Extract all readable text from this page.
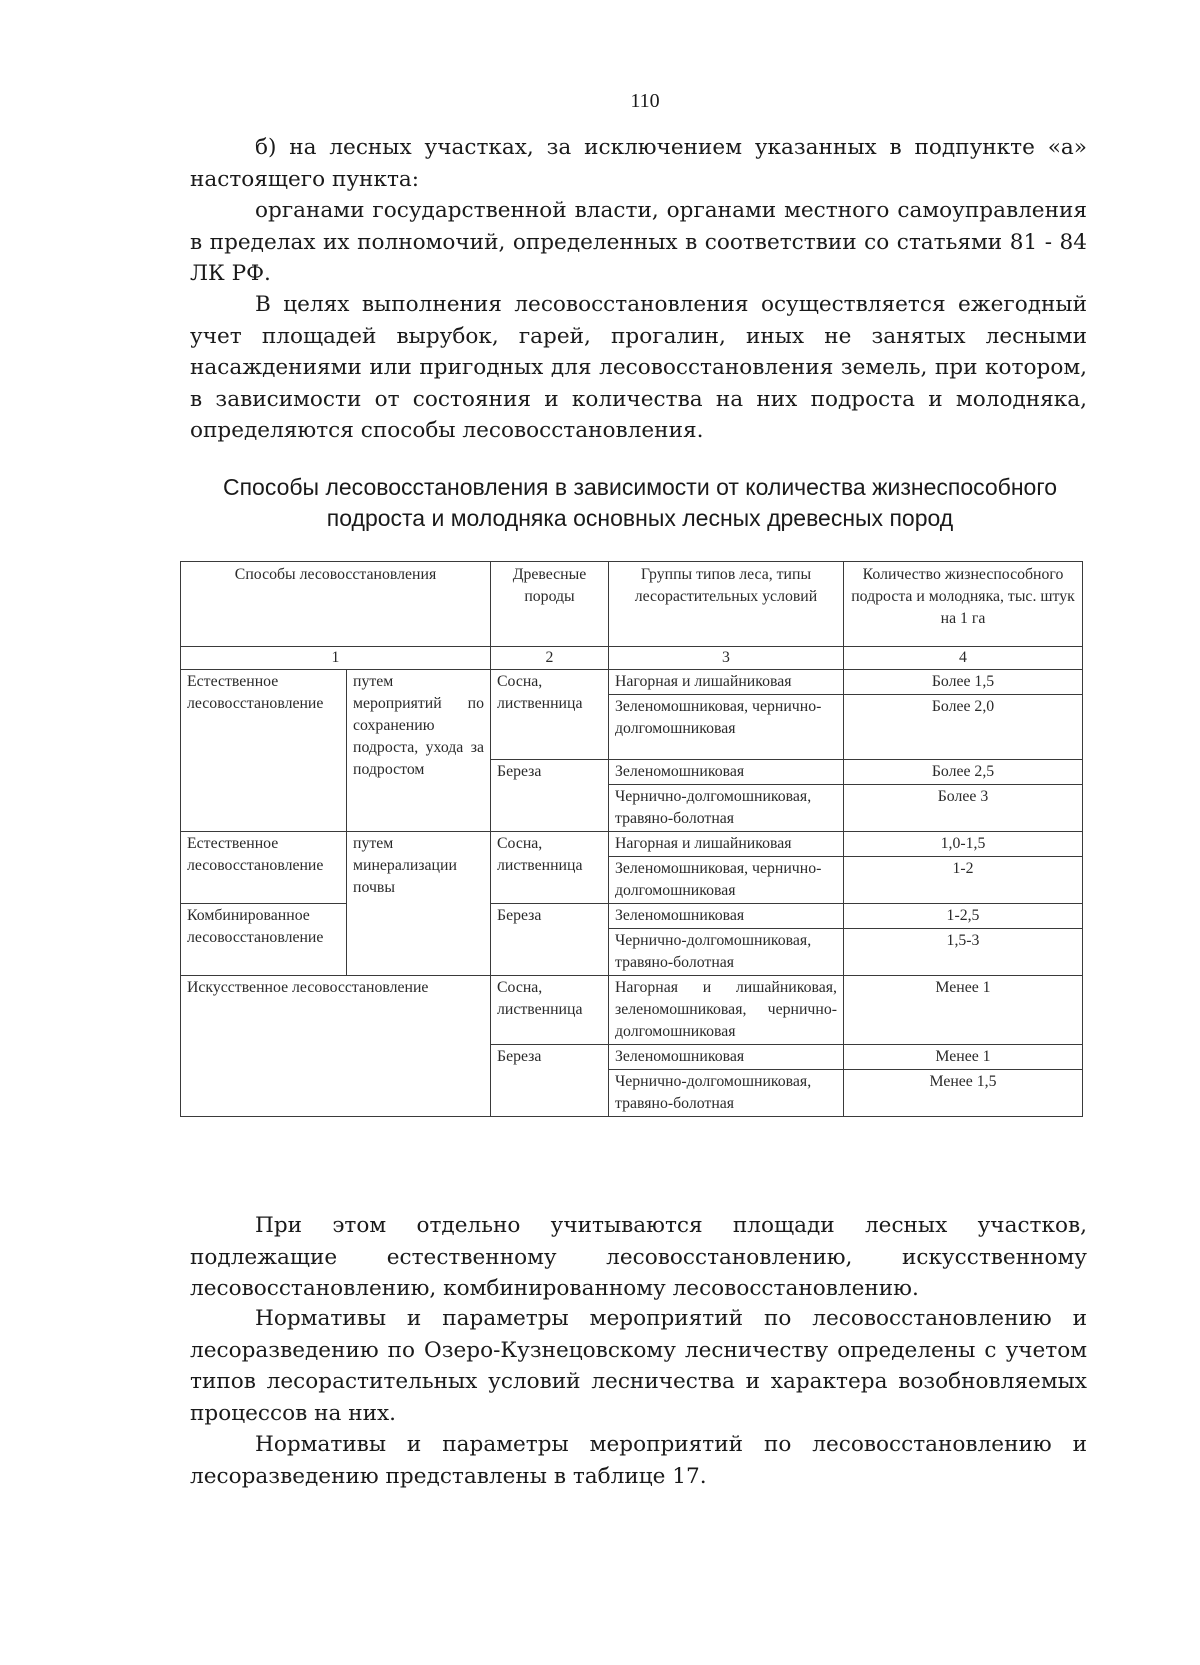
110

б) на лесных участках, за исключением указанных в подпункте «а» настоящего пункта:

органами государственной власти, органами местного самоуправления в пределах их полномочий, определенных в соответствии со статьями 81 - 84 ЛК РФ.

В целях выполнения лесовосстановления осуществляется ежегодный учет площадей вырубок, гарей, прогалин, иных не занятых лесными насаждениями или пригодных для лесовосстановления земель, при котором, в зависимости от состояния и количества на них подроста и молодняка, определяются способы лесовосстановления.

Способы лесовосстановления в зависимости от количества жизнеспособного подроста и молодняка основных лесных древесных пород

Способы лесовосстановления		Древесные породы	Группы типов леса, типы лесорастительных условий	Количество жизнеспособного подроста и молодняка, тыс. штук на 1 га
1		2	3	4
Естественное лесовосстановление	путем мероприятий по сохранению подроста, ухода за подростом	Сосна, лиственница	Нагорная и лишайниковая	Более 1,5
			Зеленомошниковая, чернично-долгомошниковая	Более 2,0
		Береза	Зеленомошниковая	Более 2,5
			Чернично-долгомошниковая, травяно-болотная	Более 3
Естественное лесовосстановление	путем минерализации почвы	Сосна, лиственница	Нагорная и лишайниковая	1,0-1,5
			Зеленомошниковая, чернично-долгомошниковая	1-2
Комбинированное лесовосстановление		Береза	Зеленомошниковая	1-2,5
			Чернично-долгомошниковая, травяно-болотная	1,5-3
Искусственное лесовосстановление		Сосна, лиственница	Нагорная и лишайниковая, зеленомошниковая, чернично-долгомошниковая	Менее 1
		Береза	Зеленомошниковая	Менее 1
			Чернично-долгомошниковая, травяно-болотная	Менее 1,5

При этом отдельно учитываются площади лесных участков, подлежащие естественному лесовосстановлению, искусственному лесовосстановлению, комбинированному лесовосстановлению.

Нормативы и параметры мероприятий по лесовосстановлению и лесоразведению по Озеро-Кузнецовскому лесничеству определены с учетом типов лесорастительных условий лесничества и характера возобновляемых процессов на них.

Нормативы и параметры мероприятий по лесовосстановлению и лесоразведению представлены в таблице 17.
